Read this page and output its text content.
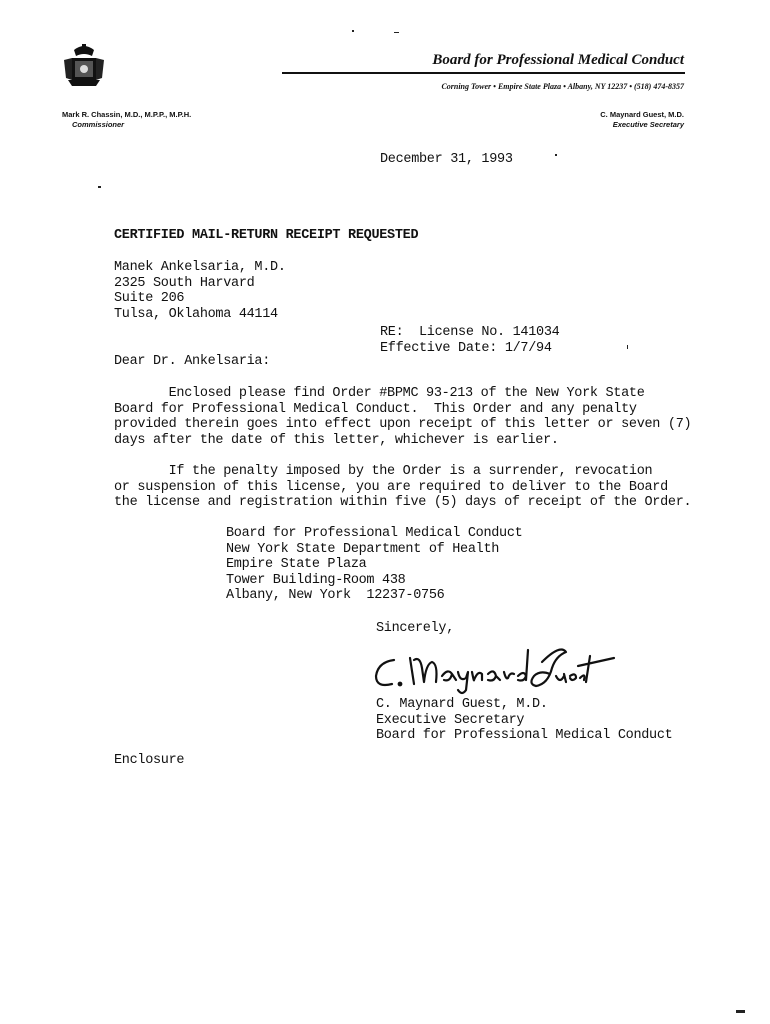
Board for Professional Medical Conduct
Corning Tower • Empire State Plaza • Albany, NY 12237 • (518) 474-8357
Mark R. Chassin, M.D., M.P.P., M.P.H.
Commissioner
C. Maynard Guest, M.D.
Executive Secretary
December 31, 1993
CERTIFIED MAIL-RETURN RECEIPT REQUESTED
Manek Ankelsaria, M.D.
2325 South Harvard
Suite 206
Tulsa, Oklahoma 44114
RE:  License No. 141034
Effective Date: 1/7/94
Dear Dr. Ankelsaria:
Enclosed please find Order #BPMC 93-213 of the New York State
Board for Professional Medical Conduct.  This Order and any penalty
provided therein goes into effect upon receipt of this letter or seven (7)
days after the date of this letter, whichever is earlier.
If the penalty imposed by the Order is a surrender, revocation
or suspension of this license, you are required to deliver to the Board
the license and registration within five (5) days of receipt of the Order.
Board for Professional Medical Conduct
New York State Department of Health
Empire State Plaza
Tower Building-Room 438
Albany, New York  12237-0756
Sincerely,
C. Maynard Guest, M.D.
Executive Secretary
Board for Professional Medical Conduct
Enclosure
